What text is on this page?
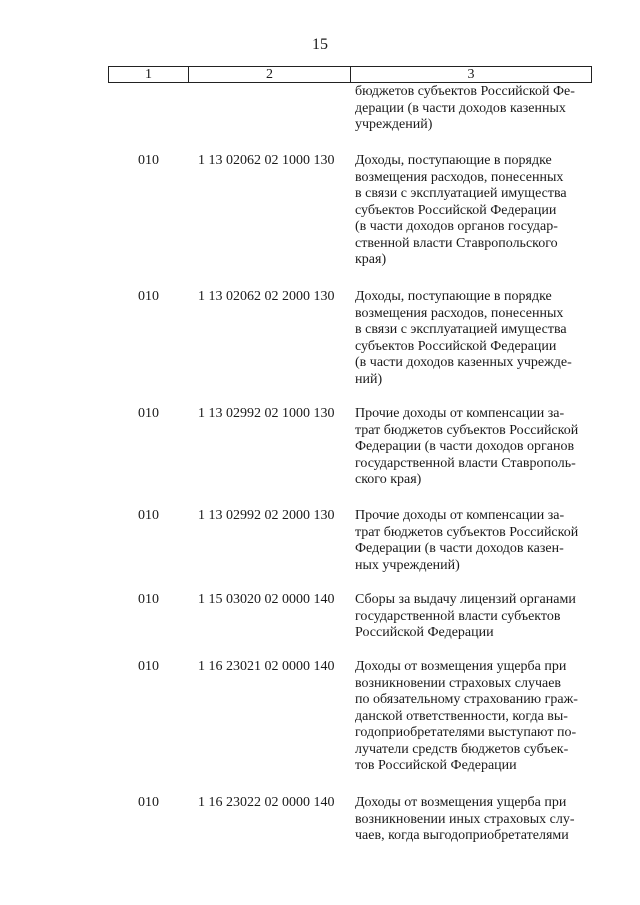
15
1	2	3
бюджетов субъектов Российской Фе-
дерации (в части доходов казенных
учреждений)
010	1 13 02062 02 1000 130 Доходы, поступающие в порядке
возмещения расходов, понесенных
в связи с эксплуатацией имущества
субъектов Российской Федерации
(в части доходов органов государ-
ственной власти Ставропольского
края)
010	1 13 02062 02 2000 130 Доходы, поступающие в порядке
возмещения расходов, понесенных
в связи с эксплуатацией имущества
субъектов Российской Федерации
(в части доходов казенных учрежде-
ний)
010	1 13 02992 02 1000 130 Прочие доходы от компенсации за-
трат бюджетов субъектов Российской
Федерации (в части доходов органов
государственной власти Ставрополь-
ского края)
010	1 13 02992 02 2000 130 Прочие доходы от компенсации за-
трат бюджетов субъектов Российской
Федерации (в части доходов казен-
ных учреждений)
010	1 15 03020 02 0000 140 Сборы за выдачу лицензий органами
государственной власти субъектов
Российской Федерации
010	1 16 23021 02 0000 140 Доходы от возмещения ущерба при
возникновении страховых случаев
по обязательному страхованию граж-
данской ответственности, когда вы-
годоприобретателями выступают по-
лучатели средств бюджетов субъек-
тов Российской Федерации
010	1 16 23022 02 0000 140 Доходы от возмещения ущерба при
возникновении иных страховых слу-
чаев, когда выгодоприобретателями
